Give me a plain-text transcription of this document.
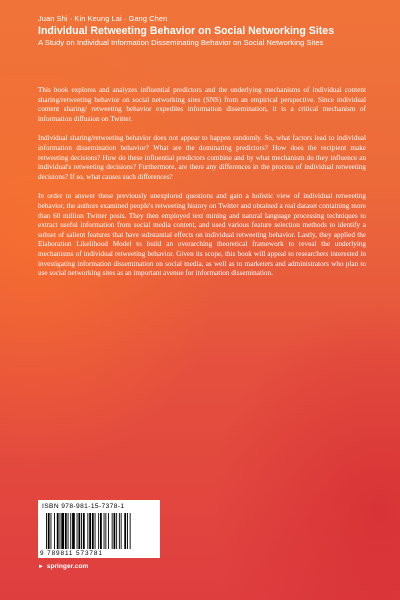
Juan Shi · Kin Keung Lai · Gang Chen
Individual Retweeting Behavior on Social Networking Sites
A Study on Individual Information Disseminating Behavior on Social Networking Sites

This book explores and analyzes influential predictors and the underlying mechanisms of individual content sharing/retweeting behavior on social networking sites (SNS) from an empirical perspective. Since individual content sharing/ retweeting behavior expedites information dissemination, it is a critical mechanism of information diffusion on Twitter.

Individual sharing/retweeting behavior does not appear to happen randomly. So, what factors lead to individual information dissemination behavior? What are the dominating predictors? How does the recipient make retweeting decisions? How do these influential predictors combine and by what mechanism do they influence an individual's retweeting decisions? Furthermore, are there any differences in the process of individual retweeting decisions? If so, what causes such differences?

In order to answer these previously unexplored questions and gain a holistic view of individual retweeting behavior, the authors examined people's retweeting history on Twitter and obtained a real dataset containing more than 60 million Twitter posts. They then employed text mining and natural language processing techniques to extract useful information from social media content, and used various feature selection methods to identify a subset of salient features that have substantial effects on individual retweeting behavior. Lastly, they applied the Elaboration Likelihood Model to build an overarching theoretical framework to reveal the underlying mechanisms of individual retweeting behavior. Given its scope, this book will appeal to researchers interested in investigating information dissemination on social media, as well as to marketers and administrators who plan to use social networking sites as an important avenue for information dissemination.

ISBN 978-981-15-7378-1
9 789811 573781
► springer.com
